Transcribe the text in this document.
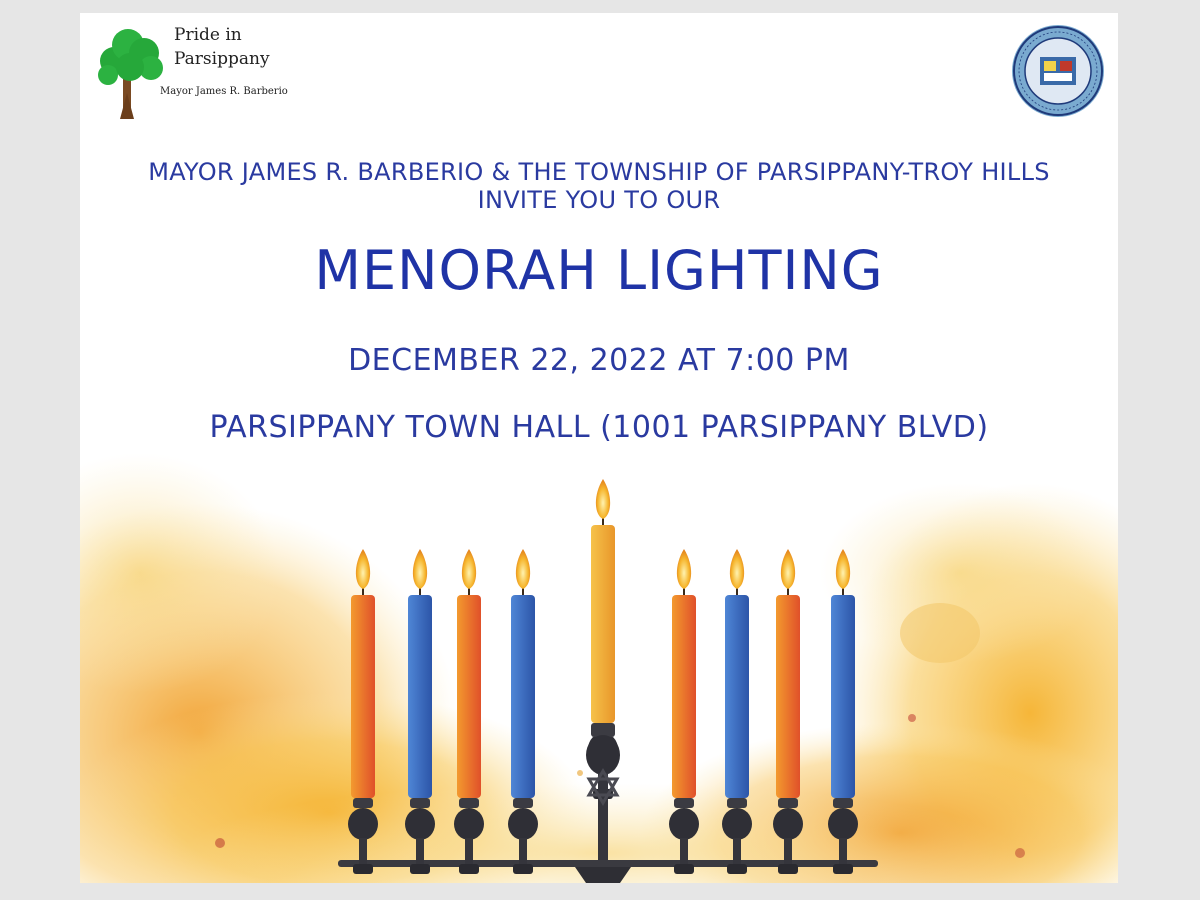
Pride in
Parsippany
Mayor James R. Barberio
MAYOR JAMES R. BARBERIO & THE TOWNSHIP OF PARSIPPANY-TROY HILLS INVITE YOU TO OUR
MENORAH LIGHTING
DECEMBER 22, 2022 AT 7:00 PM
PARSIPPANY TOWN HALL (1001 PARSIPPANY BLVD)
